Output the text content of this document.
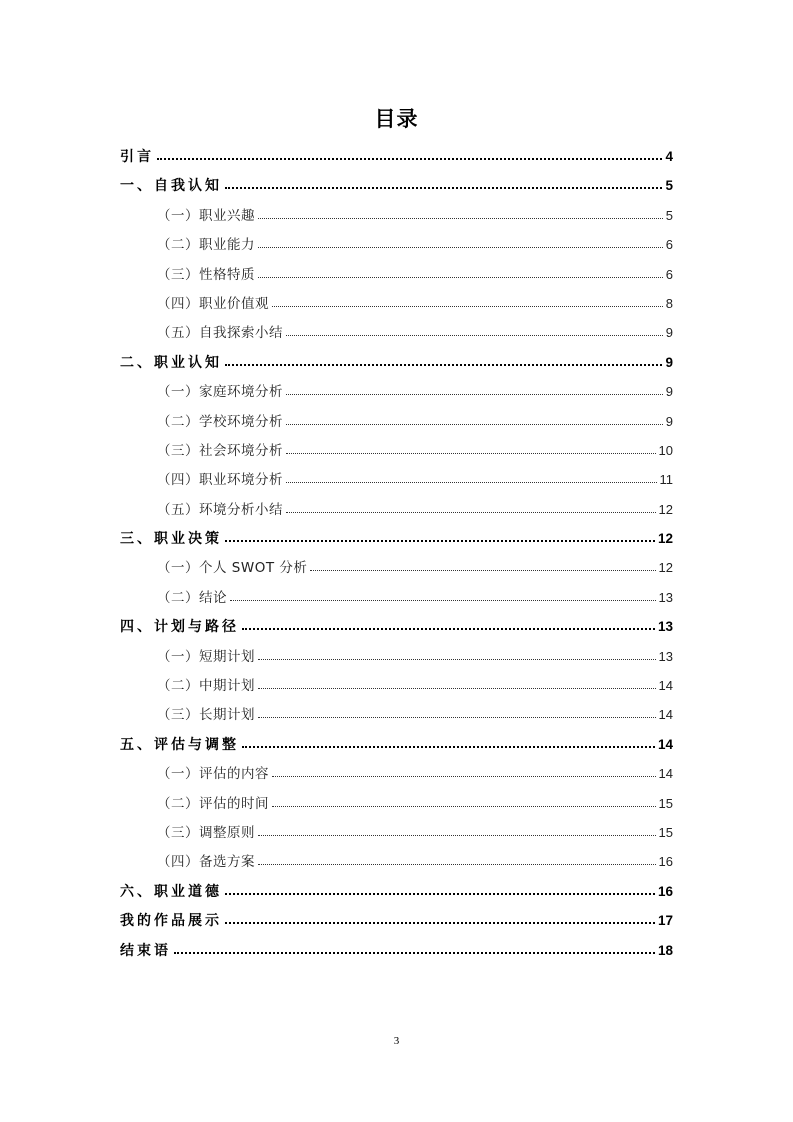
目录
引言	4
一、自我认知	5
（一）职业兴趣	5
（二）职业能力	6
（三）性格特质	6
（四）职业价值观	8
（五）自我探索小结	9
二、职业认知	9
（一）家庭环境分析	9
（二）学校环境分析	9
（三）社会环境分析	10
（四）职业环境分析	11
（五）环境分析小结	12
三、职业决策	12
（一）个人 SWOT 分析	12
（二）结论	13
四、计划与路径	13
（一）短期计划	13
（二）中期计划	14
（三）长期计划	14
五、评估与调整	14
（一）评估的内容	14
（二）评估的时间	15
（三）调整原则	15
（四）备选方案	16
六、职业道德	16
我的作品展示	17
结束语	18
3
